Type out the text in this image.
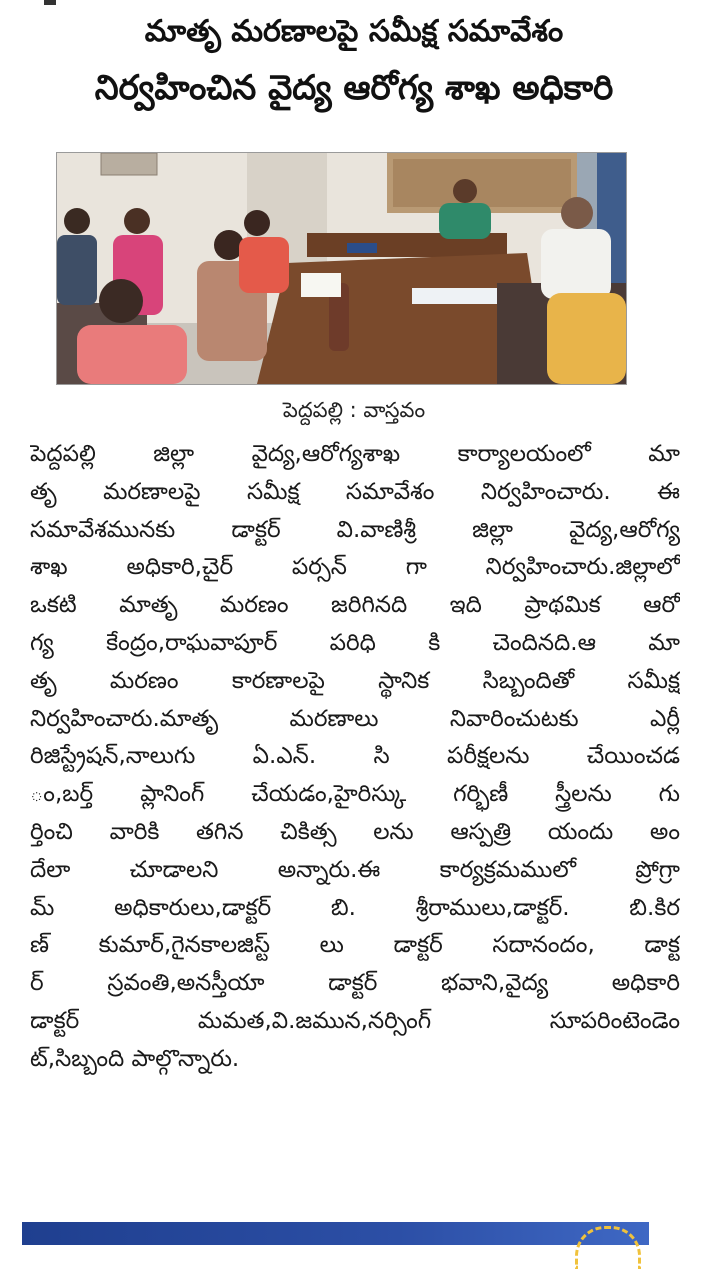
మాతృ మరణాలపై సమీక్ష సమావేశం
నిర్వహించిన వైద్య ఆరోగ్య శాఖ అధికారి
పెద్దపల్లి : వాస్తవం
పెద్దపల్లి జిల్లా వైద్య,ఆరోగ్యశాఖ కార్యాలయంలో మా
తృ మరణాలపై సమీక్ష సమావేశం నిర్వహించారు. ఈ
సమావేశమునకు డాక్టర్ వి.వాణిశ్రీ జిల్లా వైద్య,ఆరోగ్య
శాఖ అధికారి,చైర్ పర్సన్ గా నిర్వహించారు.జిల్లాలో
ఒకటి మాతృ మరణం జరిగినది ఇది ప్రాథమిక ఆరో
గ్య కేంద్రం,రాఘవాపూర్ పరిధి కి చెందినది.ఆ మా
తృ మరణం కారణాలపై స్థానిక సిబ్బందితో సమీక్ష
నిర్వహించారు.మాతృ మరణాలు నివారించుటకు ఎర్లీ
రిజిస్ట్రేషన్,నాలుగు ఏ.ఎన్. సి పరీక్షలను చేయించడ
ం,బర్త్ ప్లానింగ్ చేయడం,హైరిస్కు గర్భిణీ స్త్రీలను గు
ర్తించి వారికి తగిన చికిత్స లను ఆస్పత్రి యందు అం
దేలా చూడాలని అన్నారు.ఈ కార్యక్రమములో ప్రోగ్రా
మ్ అధికారులు,డాక్టర్ బి. శ్రీరాములు,డాక్టర్. బి.కిర
ణ్ కుమార్,గైనకాలజిస్ట్ లు డాక్టర్ సదానందం, డాక్ట
ర్ స్రవంతి,అనస్తీయా డాక్టర్ భవాని,వైద్య అధికారి
డాక్టర్ మమత,వి.జమున,నర్సింగ్ సూపరింటెండెం
ట్,సిబ్బంది పాల్గొన్నారు.
